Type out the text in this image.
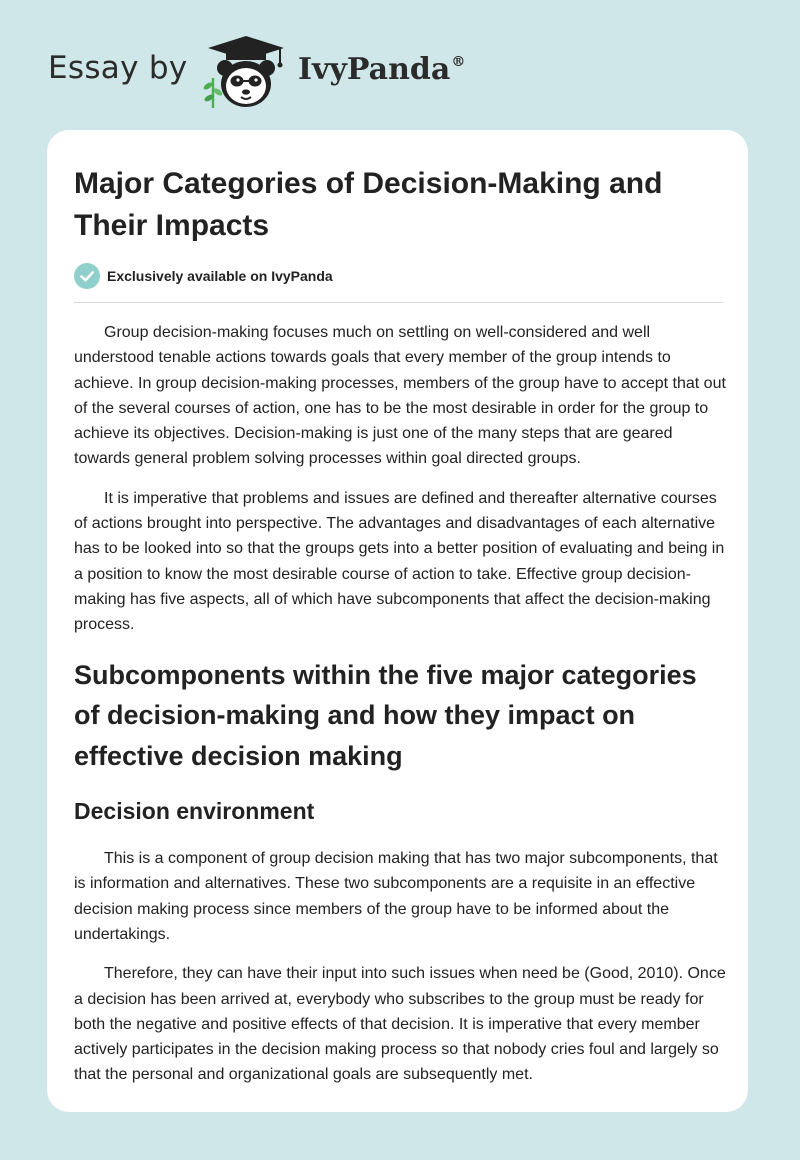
Essay by	IvyPanda®
Major Categories of Decision-Making and Their Impacts
Exclusively available on IvyPanda

Group decision-making focuses much on settling on well-considered and well understood tenable actions towards goals that every member of the group intends to achieve. In group decision-making processes, members of the group have to accept that out of the several courses of action, one has to be the most desirable in order for the group to achieve its objectives. Decision-making is just one of the many steps that are geared towards general problem solving processes within goal directed groups.

It is imperative that problems and issues are defined and thereafter alternative courses of actions brought into perspective. The advantages and disadvantages of each alternative has to be looked into so that the groups gets into a better position of evaluating and being in a position to know the most desirable course of action to take. Effective group decision-making has five aspects, all of which have subcomponents that affect the decision-making process.

Subcomponents within the five major categories of decision-making and how they impact on effective decision making
Decision environment

This is a component of group decision making that has two major subcomponents, that is information and alternatives. These two subcomponents are a requisite in an effective decision making process since members of the group have to be informed about the undertakings.

Therefore, they can have their input into such issues when need be (Good, 2010). Once a decision has been arrived at, everybody who subscribes to the group must be ready for both the negative and positive effects of that decision. It is imperative that every member actively participates in the decision making process so that nobody cries foul and largely so that the personal and organizational goals are subsequently met.
